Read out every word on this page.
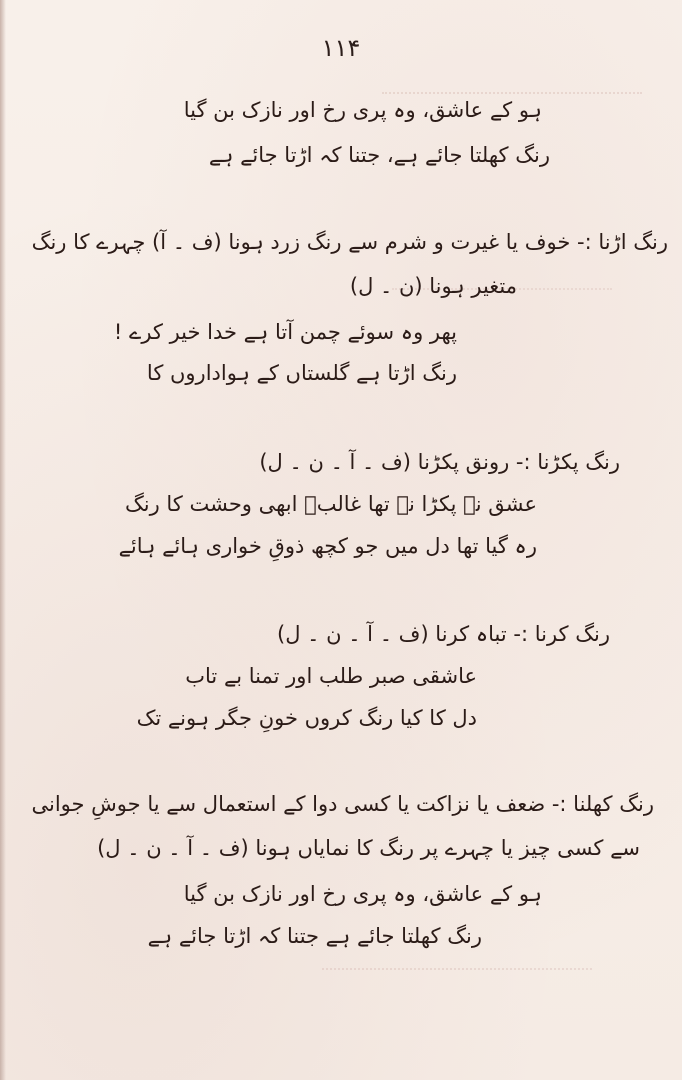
۱۱۴
ہو کے عاشق، وہ پری رخ اور نازک بن گیا
رنگ کھلتا جائے ہے، جتنا کہ اڑتا جائے ہے
رنگ اڑنا :- خوف یا غیرت و شرم سے رنگ زرد ہونا (ف ۔ آ) چہرے کا رنگ
متغیر ہونا (ن ۔ ل)
پھر وہ سوئے چمن آتا ہے خدا خیر کرے !
رنگ اڑتا ہے گلستاں کے ہواداروں کا
رنگ پکڑنا :- رونق پکڑنا (ف ۔ آ ۔ ن ۔ ل)
عشق نے پکڑا نہ تھا غالبؔ ابھی وحشت کا رنگ
رہ گیا تھا دل میں جو کچھ ذوقِ خواری ہائے ہائے
رنگ کرنا :- تباہ کرنا (ف ۔ آ ۔ ن ۔ ل)
عاشقی صبر طلب اور تمنا بے تاب
دل کا کیا رنگ کروں خونِ جگر ہونے تک
رنگ کھلنا :- ضعف یا نزاکت یا کسی دوا کے استعمال سے یا جوشِ جوانی
سے کسی چیز یا چہرے پر رنگ کا نمایاں ہونا (ف ۔ آ ۔ ن ۔ ل)
ہو کے عاشق، وہ پری رخ اور نازک بن گیا
رنگ کھلتا جائے ہے جتنا کہ اڑتا جائے ہے
